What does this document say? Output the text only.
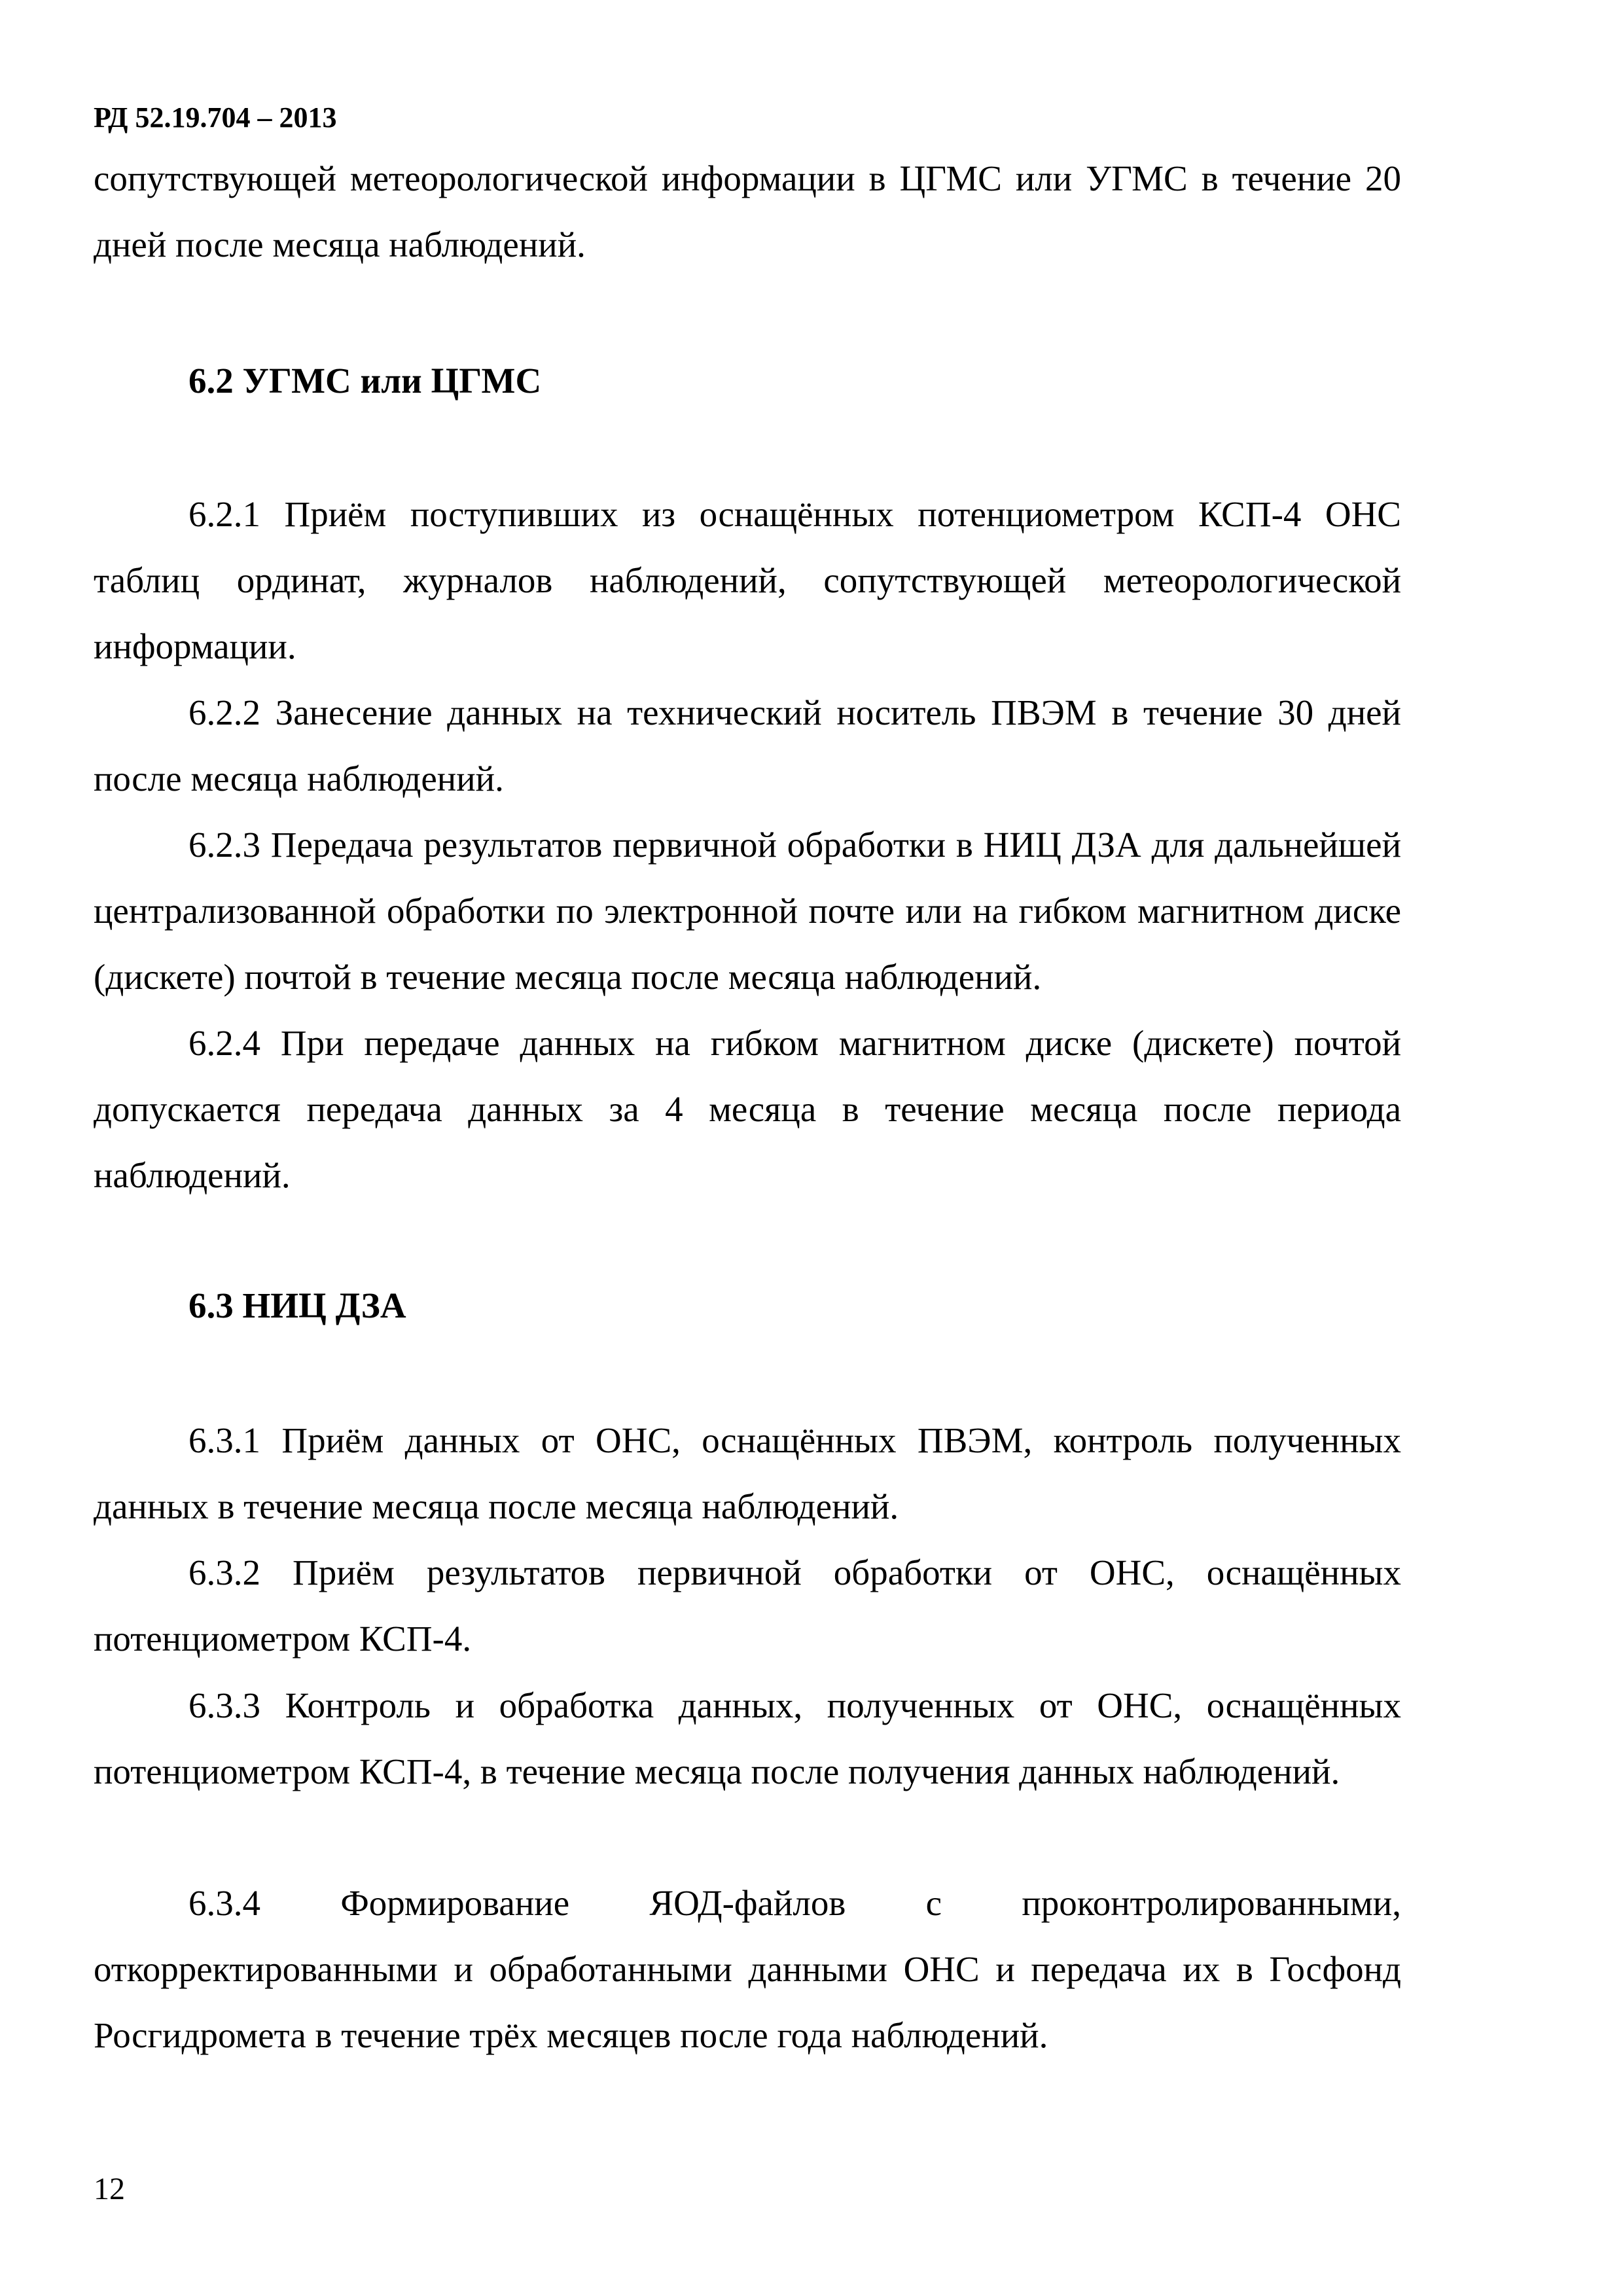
РД 52.19.704 – 2013

сопутствующей метеорологической информации в ЦГМС или УГМС в течение 20 дней после месяца наблюдений.

6.2 УГМС или ЦГМС

6.2.1 Приём поступивших из оснащённых потенциометром КСП-4 ОНС таблиц ординат, журналов наблюдений, сопутствующей метеорологической информации.

6.2.2 Занесение данных на технический носитель ПВЭМ в течение 30 дней после месяца наблюдений.

6.2.3 Передача результатов первичной обработки в НИЦ ДЗА для дальнейшей централизованной обработки по электронной почте или на гибком магнитном диске (дискете) почтой в течение месяца после месяца наблюдений.

6.2.4 При передаче данных на гибком магнитном диске (дискете) почтой допускается передача данных за 4 месяца в течение месяца после периода наблюдений.

6.3 НИЦ ДЗА

6.3.1 Приём данных от ОНС, оснащённых ПВЭМ, контроль полученных данных в течение месяца после месяца наблюдений.

6.3.2 Приём результатов первичной обработки от ОНС, оснащённых потенциометром КСП-4.

6.3.3 Контроль и обработка данных, полученных от ОНС, оснащённых потенциометром КСП-4, в течение месяца после получения данных наблюдений.

6.3.4 Формирование ЯОД-файлов с проконтролированными, откорректированными и обработанными данными ОНС и передача их в Госфонд Росгидромета в течение трёх месяцев после года наблюдений.

12
